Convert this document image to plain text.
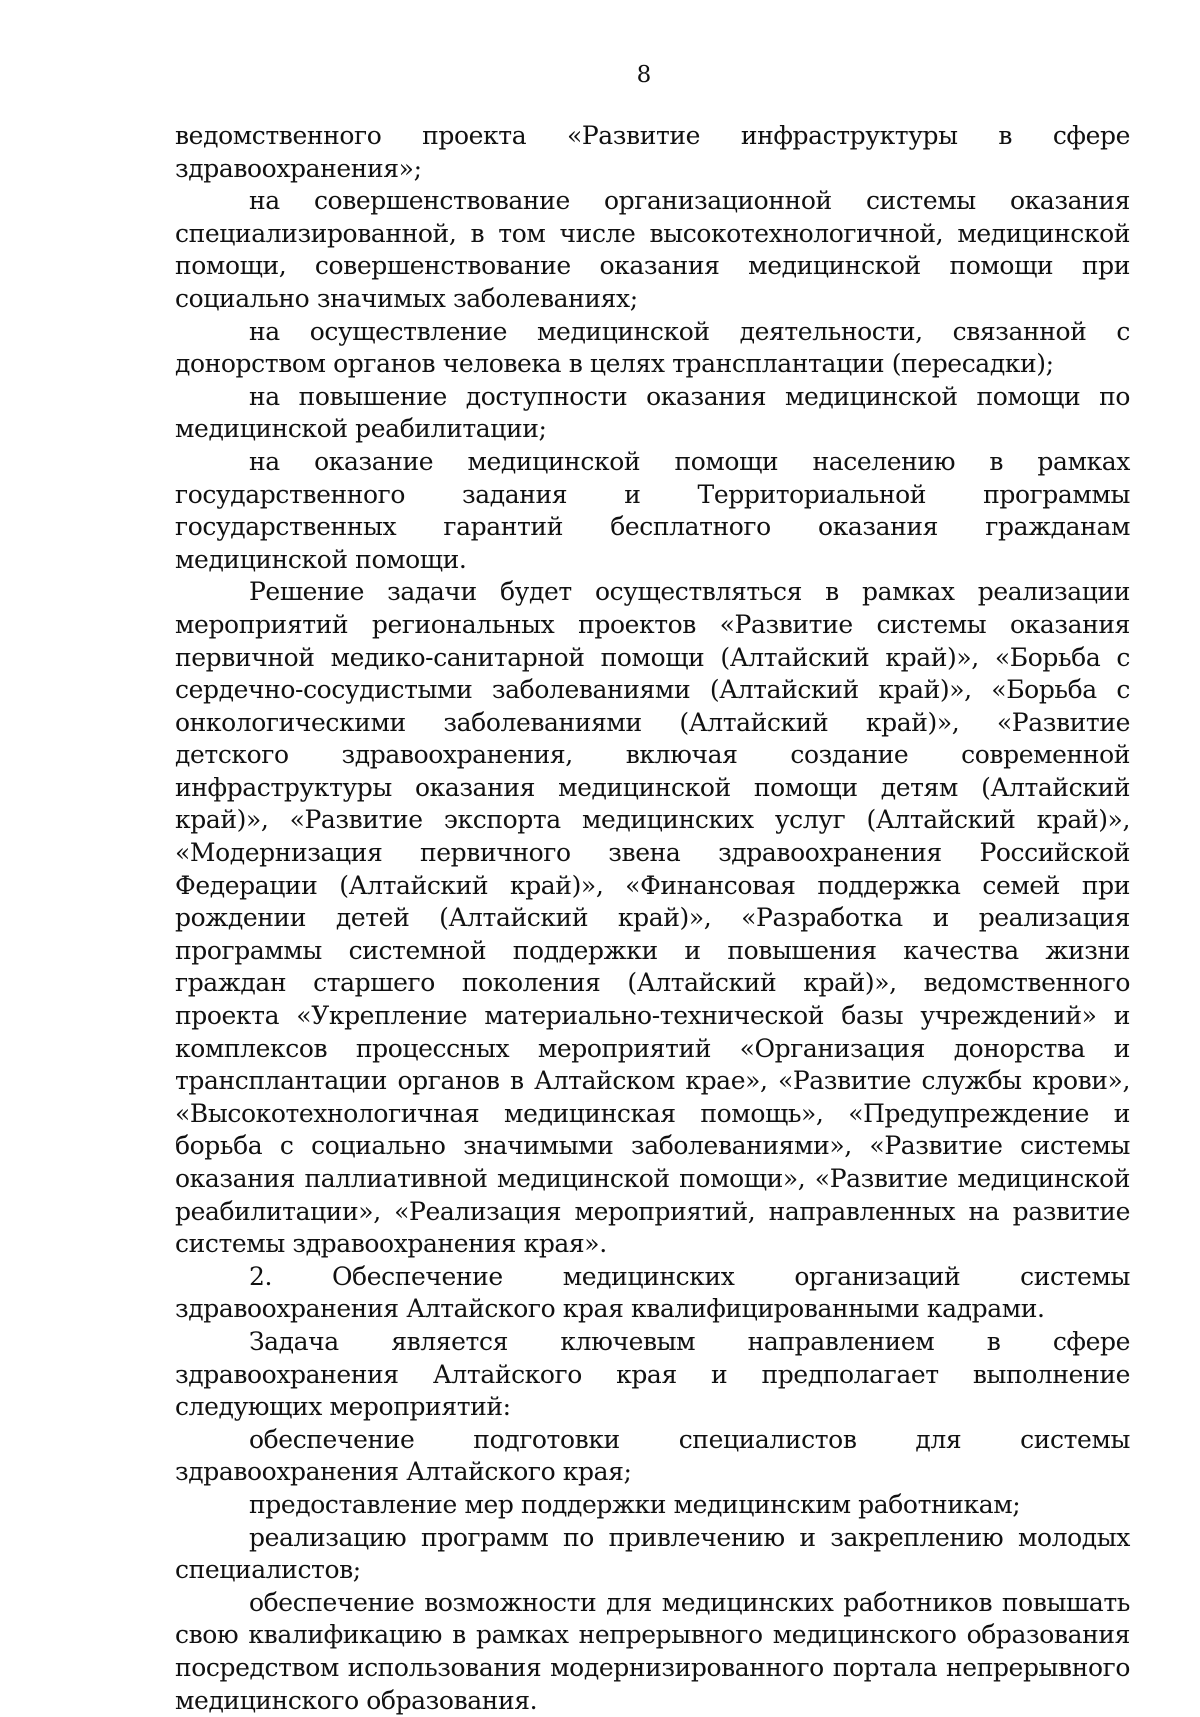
8

ведомственного проекта «Развитие инфраструктуры в сфере здравоохранения»;

на совершенствование организационной системы оказания специализированной, в том числе высокотехнологичной, медицинской помощи, совершенствование оказания медицинской помощи при социально значимых заболеваниях;

на осуществление медицинской деятельности, связанной с донорством органов человека в целях трансплантации (пересадки);

на повышение доступности оказания медицинской помощи по медицинской реабилитации;

на оказание медицинской помощи населению в рамках государственного задания и Территориальной программы государственных гарантий бесплатного оказания гражданам медицинской помощи.

Решение задачи будет осуществляться в рамках реализации мероприятий региональных проектов «Развитие системы оказания первичной медико-санитарной помощи (Алтайский край)», «Борьба с сердечно-сосудистыми заболеваниями (Алтайский край)», «Борьба с онкологическими заболеваниями (Алтайский край)», «Развитие детского здравоохранения, включая создание современной инфраструктуры оказания медицинской помощи детям (Алтайский край)», «Развитие экспорта медицинских услуг (Алтайский край)», «Модернизация первичного звена здравоохранения Российской Федерации (Алтайский край)», «Финансовая поддержка семей при рождении детей (Алтайский край)», «Разработка и реализация программы системной поддержки и повышения качества жизни граждан старшего поколения (Алтайский край)», ведомственного проекта «Укрепление материально-технической базы учреждений» и комплексов процессных мероприятий «Организация донорства и трансплантации органов в Алтайском крае», «Развитие службы крови», «Высокотехнологичная медицинская помощь», «Предупреждение и борьба с социально значимыми заболеваниями», «Развитие системы оказания паллиативной медицинской помощи», «Развитие медицинской реабилитации», «Реализация мероприятий, направленных на развитие системы здравоохранения края».

2. Обеспечение медицинских организаций системы здравоохранения Алтайского края квалифицированными кадрами.

Задача является ключевым направлением в сфере здравоохранения Алтайского края и предполагает выполнение следующих мероприятий:

обеспечение подготовки специалистов для системы здравоохранения Алтайского края;

предоставление мер поддержки медицинским работникам;

реализацию программ по привлечению и закреплению молодых специалистов;

обеспечение возможности для медицинских работников повышать свою квалификацию в рамках непрерывного медицинского образования посредством использования модернизированного портала непрерывного медицинского образования.
